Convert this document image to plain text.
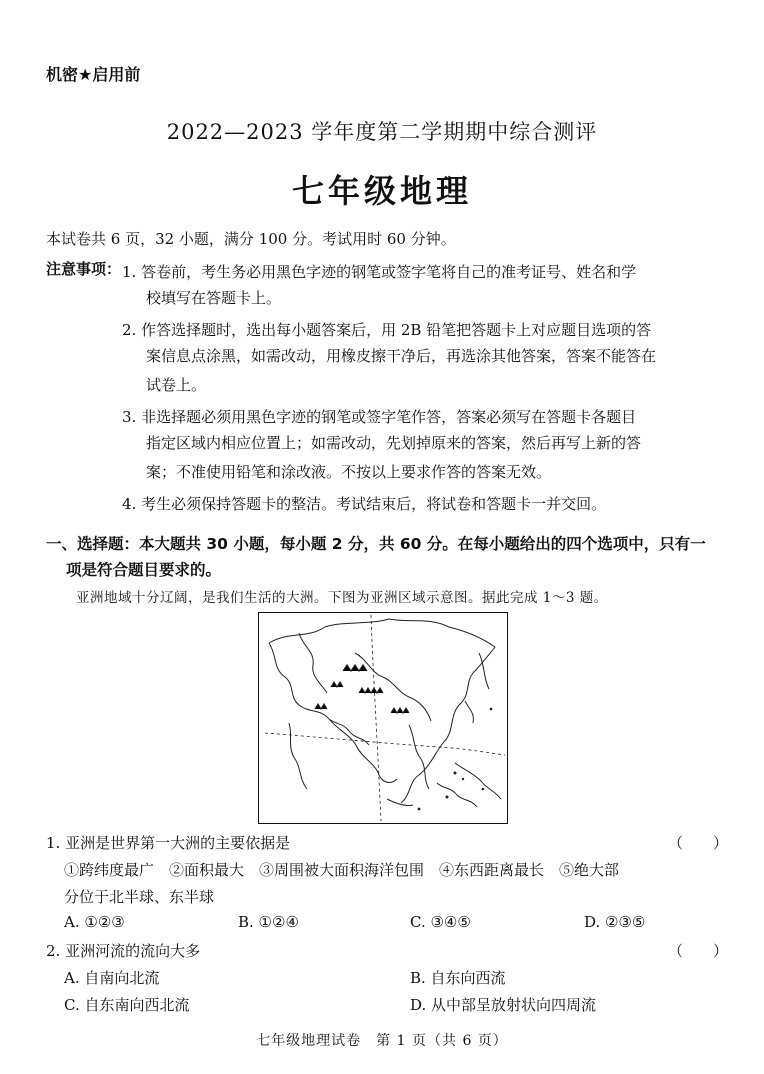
机密★启用前
2022—2023 学年度第二学期期中综合测评
七年级地理
本试卷共 6 页，32 小题，满分 100 分。考试用时 60 分钟。
注意事项： 1. 答卷前，考生务必用黑色字迹的钢笔或签字笔将自己的准考证号、姓名和学
校填写在答题卡上。
2. 作答选择题时，选出每小题答案后，用 2B 铅笔把答题卡上对应题目选项的答
案信息点涂黑，如需改动，用橡皮擦干净后，再选涂其他答案，答案不能答在
试卷上。
3. 非选择题必须用黑色字迹的钢笔或签字笔作答，答案必须写在答题卡各题目
指定区域内相应位置上；如需改动，先划掉原来的答案，然后再写上新的答
案；不准使用铅笔和涂改液。不按以上要求作答的答案无效。
4. 考生必须保持答题卡的整洁。考试结束后，将试卷和答题卡一并交回。
一、选择题：本大题共 30 小题，每小题 2 分，共 60 分。在每小题给出的四个选项中，只有一
项是符合题目要求的。
亚洲地域十分辽阔，是我们生活的大洲。下图为亚洲区域示意图。据此完成 1～3 题。
1. 亚洲是世界第一大洲的主要依据是	（　　）
①跨纬度最广　②面积最大　③周围被大面积海洋包围　④东西距离最长　⑤绝大部
分位于北半球、东半球
A. ①②③	B. ①②④	C. ③④⑤	D. ②③⑤
2. 亚洲河流的流向大多	（　　）
A. 自南向北流	B. 自东向西流
C. 自东南向西北流	D. 从中部呈放射状向四周流
七年级地理试卷　第 1 页（共 6 页）
